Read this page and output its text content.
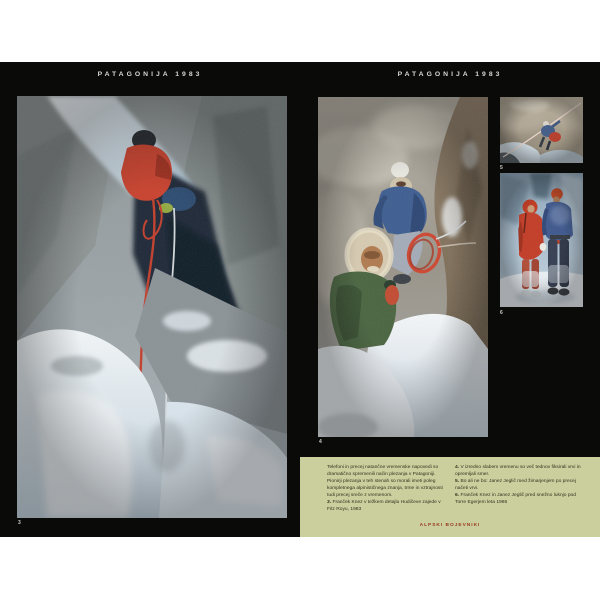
PATAGONIJA 1983
3
PATAGONIJA 1983
4
5
6

Telefoni in precej natančne vremenske napovedi so dramatično spremenili način plezanja v Patagoniji. Pionirji plezanja v teh stenah so morali imeti poleg kompletnega alpinističnega znanja, trme in vztrajnosti tudi precej sreče z vremenom.

3. Franček Knez v težkem detajlu Hudičeve zajede v Fitz Royu, 1983

4. V izredno slabem vremenu so več tednov fiksirali vrvi in opremljali smer.

5. Bo ali ne bo: Janez Jeglič med žimarjenjem po precej načeti vrvi.

6. Franček Knez in Janez Jeglič pred snežno luknjo pod Torre Egerjem leta 1986

ALPSKI BOJEVNIKI
